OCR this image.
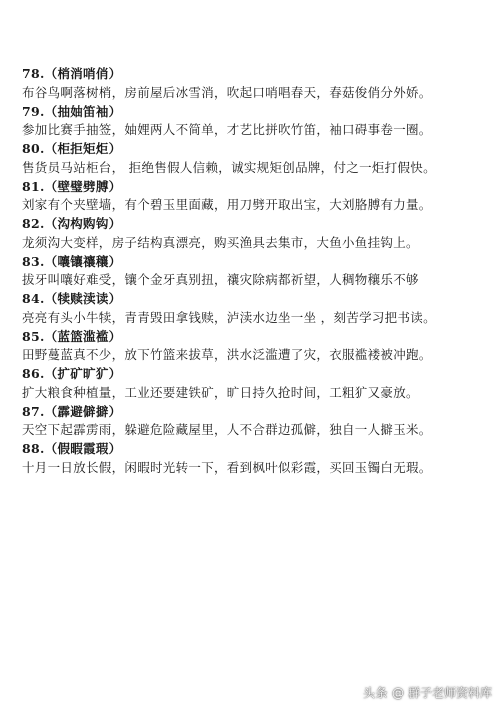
78.（梢消哨俏）
布谷鸟啊落树梢，房前屋后冰雪消，吹起口哨唱春天，春菇俊俏分外娇。
79.（抽妯笛袖）
参加比赛手抽签，妯娌两人不简单，才艺比拼吹竹笛，袖口碍事卷一圈。
80.（柜拒矩炬）
售货员马站柜台， 拒绝售假人信赖，诚实规矩创品牌，付之一炬打假快。
81.（壁璧劈膊）
刘家有个夹壁墙，有个碧玉里面藏，用刀劈开取出宝，大刘胳膊有力量。
82.（沟构购钩）
龙须沟大变样，房子结构真漂亮，购买渔具去集市，大鱼小鱼挂钩上。
83.（嚷镶禳穰）
拔牙叫嚷好难受，镶个金牙真别扭，禳灾除病都祈望，人稠物穰乐不够
84.（犊赎渎读）
亮亮有头小牛犊，青青毁田拿钱赎，泸渎水边坐一坐 ，刻苦学习把书读。
85.（蓝篮滥褴）
田野蔓蓝真不少，放下竹篮来拔草，洪水泛滥遭了灾，衣服褴褛被冲跑。
86.（扩矿旷犷）
扩大粮食种植量，工业还要建铁矿，旷日持久抢时间，工粗犷又豪放。
87.（霹避僻擗）
天空下起霹雳雨，躲避危险藏屋里，人不合群边孤僻，独自一人擗玉米。
88.（假暇霞瑕）
十月一日放长假，闲暇时光转一下，看到枫叶似彩霞，买回玉镯白无瑕。
头条 @ 群子老师资料库
